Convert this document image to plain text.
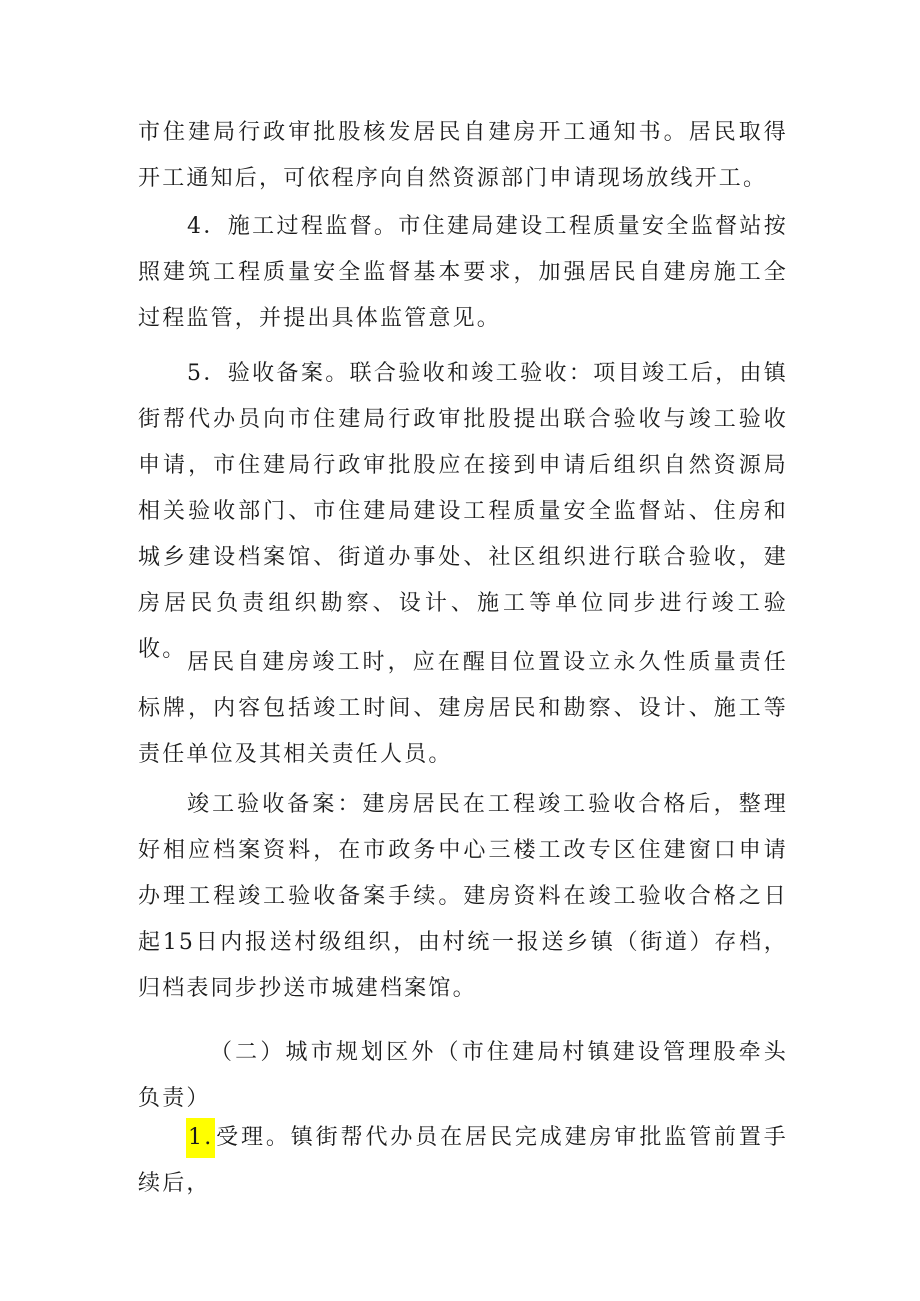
市住建局行政审批股核发居民自建房开工通知书。居民取得开工通知后，可依程序向自然资源部门申请现场放线开工。

4．施工过程监督。市住建局建设工程质量安全监督站按照建筑工程质量安全监督基本要求，加强居民自建房施工全过程监管，并提出具体监管意见。

5．验收备案。联合验收和竣工验收：项目竣工后，由镇街帮代办员向市住建局行政审批股提出联合验收与竣工验收申请，市住建局行政审批股应在接到申请后组织自然资源局相关验收部门、市住建局建设工程质量安全监督站、住房和城乡建设档案馆、街道办事处、社区组织进行联合验收，建房居民负责组织勘察、设计、施工等单位同步进行竣工验收。

居民自建房竣工时，应在醒目位置设立永久性质量责任标牌，内容包括竣工时间、建房居民和勘察、设计、施工等责任单位及其相关责任人员。

竣工验收备案：建房居民在工程竣工验收合格后，整理好相应档案资料，在市政务中心三楼工改专区住建窗口申请办理工程竣工验收备案手续。建房资料在竣工验收合格之日起15日内报送村级组织，由村统一报送乡镇（街道）存档，归档表同步抄送市城建档案馆。

（二）城市规划区外（市住建局村镇建设管理股牵头负责）

1.受理。镇街帮代办员在居民完成建房审批监管前置手续后，
